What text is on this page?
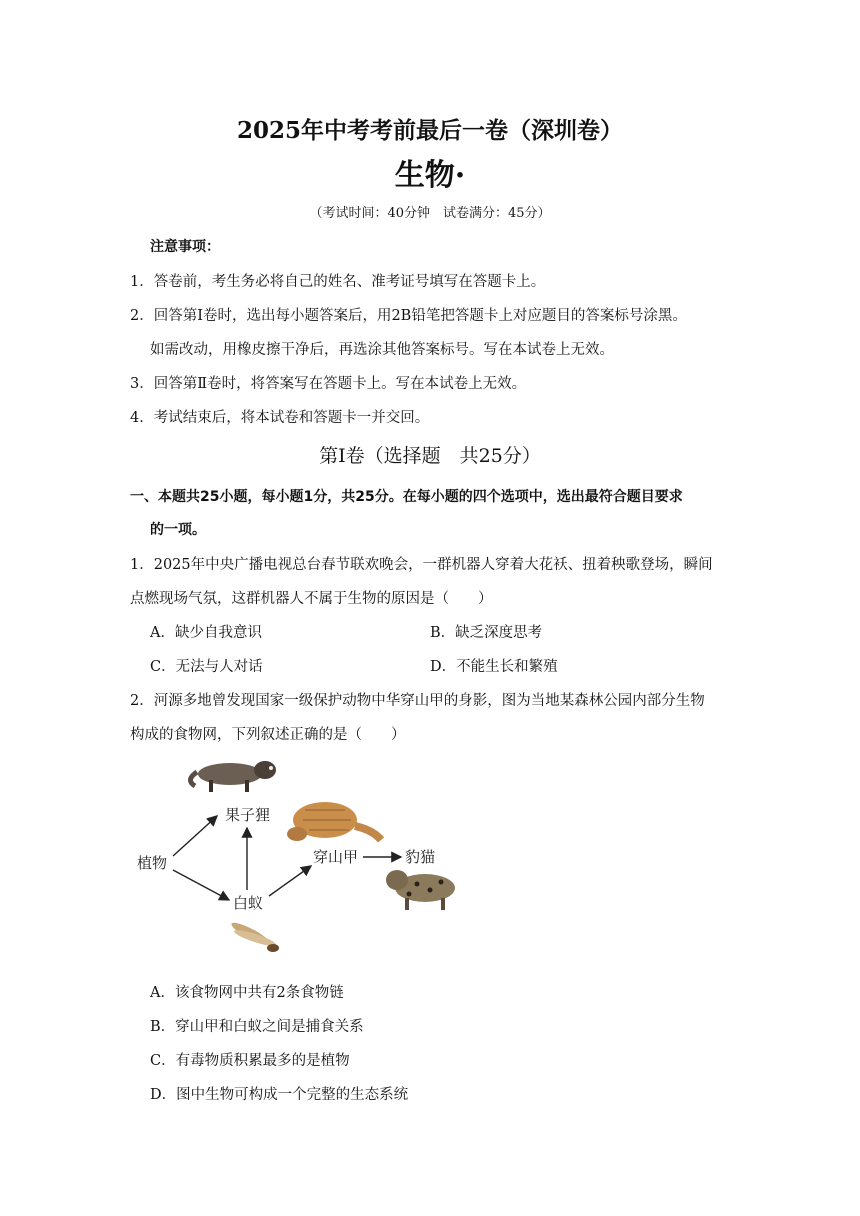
2025年中考考前最后一卷（深圳卷）
生物·
（考试时间：40分钟　试卷满分：45分）
注意事项：
1．答卷前，考生务必将自己的姓名、准考证号填写在答题卡上。
2．回答第Ⅰ卷时，选出每小题答案后，用2B铅笔把答题卡上对应题目的答案标号涂黑。
如需改动，用橡皮擦干净后，再选涂其他答案标号。写在本试卷上无效。
3．回答第Ⅱ卷时，将答案写在答题卡上。写在本试卷上无效。
4．考试结束后，将本试卷和答题卡一并交回。
第Ⅰ卷（选择题　共25分）
一、本题共25小题，每小题1分，共25分。在每小题的四个选项中，选出最符合题目要求
的一项。
1．2025年中央广播电视总台春节联欢晚会，一群机器人穿着大花袄、扭着秧歌登场，瞬间
点燃现场气氛，这群机器人不属于生物的原因是（　　）
A．缺少自我意识	B．缺乏深度思考
C．无法与人对话	D．不能生长和繁殖
2．河源多地曾发现国家一级保护动物中华穿山甲的身影，图为当地某森林公园内部分生物
构成的食物网，下列叙述正确的是（　　）
果子狸
植物
白蚁
穿山甲	豹猫
A．该食物网中共有2条食物链
B．穿山甲和白蚁之间是捕食关系
C．有毒物质积累最多的是植物
D．图中生物可构成一个完整的生态系统
